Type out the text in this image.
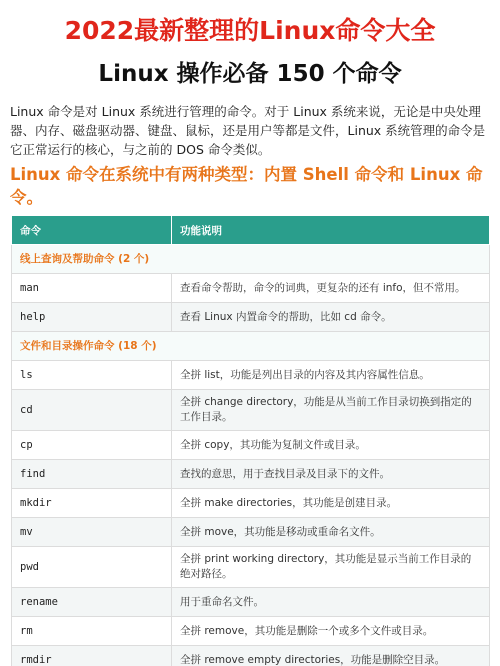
2022最新整理的Linux命令大全
Linux 操作必备 150 个命令
Linux 命令是对 Linux 系统进行管理的命令。对于 Linux 系统来说，无论是中央处理器、内存、磁盘驱动器、键盘、鼠标，还是用户等都是文件，Linux 系统管理的命令是它正常运行的核心，与之前的 DOS 命令类似。
Linux 命令在系统中有两种类型：内置 Shell 命令和 Linux 命令。
命令	功能说明
线上查询及帮助命令 (2 个)	
man	查看命令帮助，命令的词典，更复杂的还有 info，但不常用。
help	查看 Linux 内置命令的帮助，比如 cd 命令。
文件和目录操作命令 (18 个)	
ls	全拼 list，功能是列出目录的内容及其内容属性信息。
cd	全拼 change directory，功能是从当前工作目录切换到指定的工作目录。
cp	全拼 copy，其功能为复制文件或目录。
find	查找的意思，用于查找目录及目录下的文件。
mkdir	全拼 make directories，其功能是创建目录。
mv	全拼 move，其功能是移动或重命名文件。
pwd	全拼 print working directory，其功能是显示当前工作目录的绝对路径。
rename	用于重命名文件。
rm	全拼 remove，其功能是删除一个或多个文件或目录。
rmdir	全拼 remove empty directories，功能是删除空目录。
